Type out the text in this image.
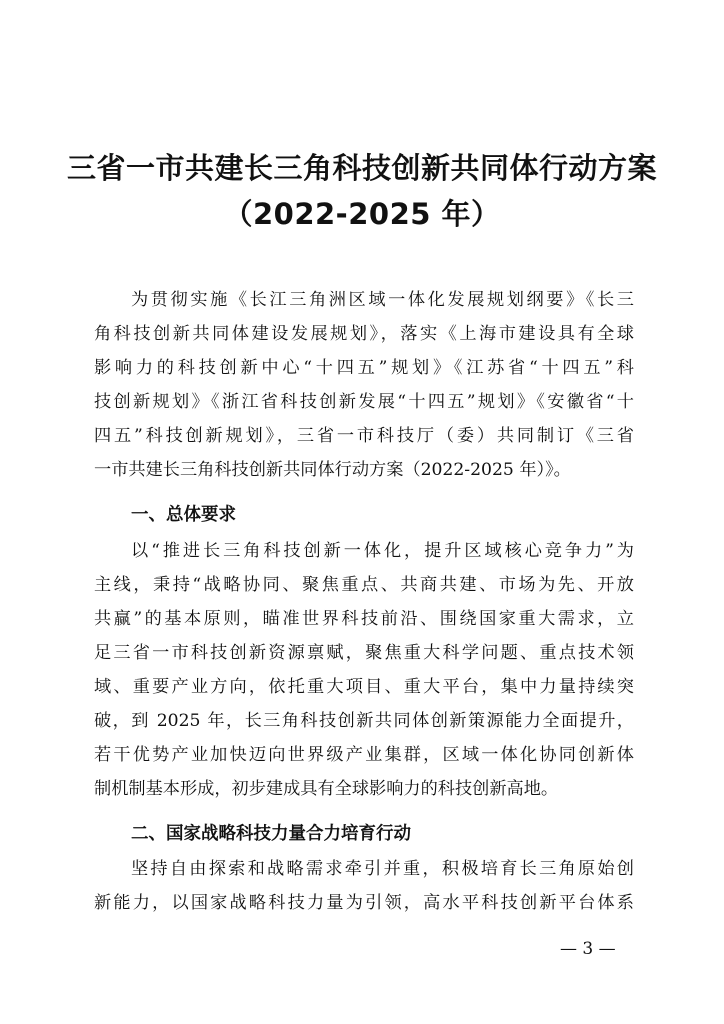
三省一市共建长三角科技创新共同体行动方案
（2022-2025 年）
为贯彻实施《长江三角洲区域一体化发展规划纲要》《长三
角科技创新共同体建设发展规划》，落实《上海市建设具有全球
影响力的科技创新中心“十四五”规划》《江苏省“十四五”科
技创新规划》《浙江省科技创新发展“十四五”规划》《安徽省“十
四五”科技创新规划》，三省一市科技厅（委）共同制订《三省
一市共建长三角科技创新共同体行动方案（2022-2025 年）》。
一、总体要求
以“推进长三角科技创新一体化，提升区域核心竞争力”为
主线，秉持“战略协同、聚焦重点、共商共建、市场为先、开放
共赢”的基本原则，瞄准世界科技前沿、围绕国家重大需求，立
足三省一市科技创新资源禀赋，聚焦重大科学问题、重点技术领
域、重要产业方向，依托重大项目、重大平台，集中力量持续突
破，到 2025 年，长三角科技创新共同体创新策源能力全面提升，
若干优势产业加快迈向世界级产业集群，区域一体化协同创新体
制机制基本形成，初步建成具有全球影响力的科技创新高地。
二、国家战略科技力量合力培育行动
坚持自由探索和战略需求牵引并重，积极培育长三角原始创
新能力，以国家战略科技力量为引领，高水平科技创新平台体系
— 3 —
